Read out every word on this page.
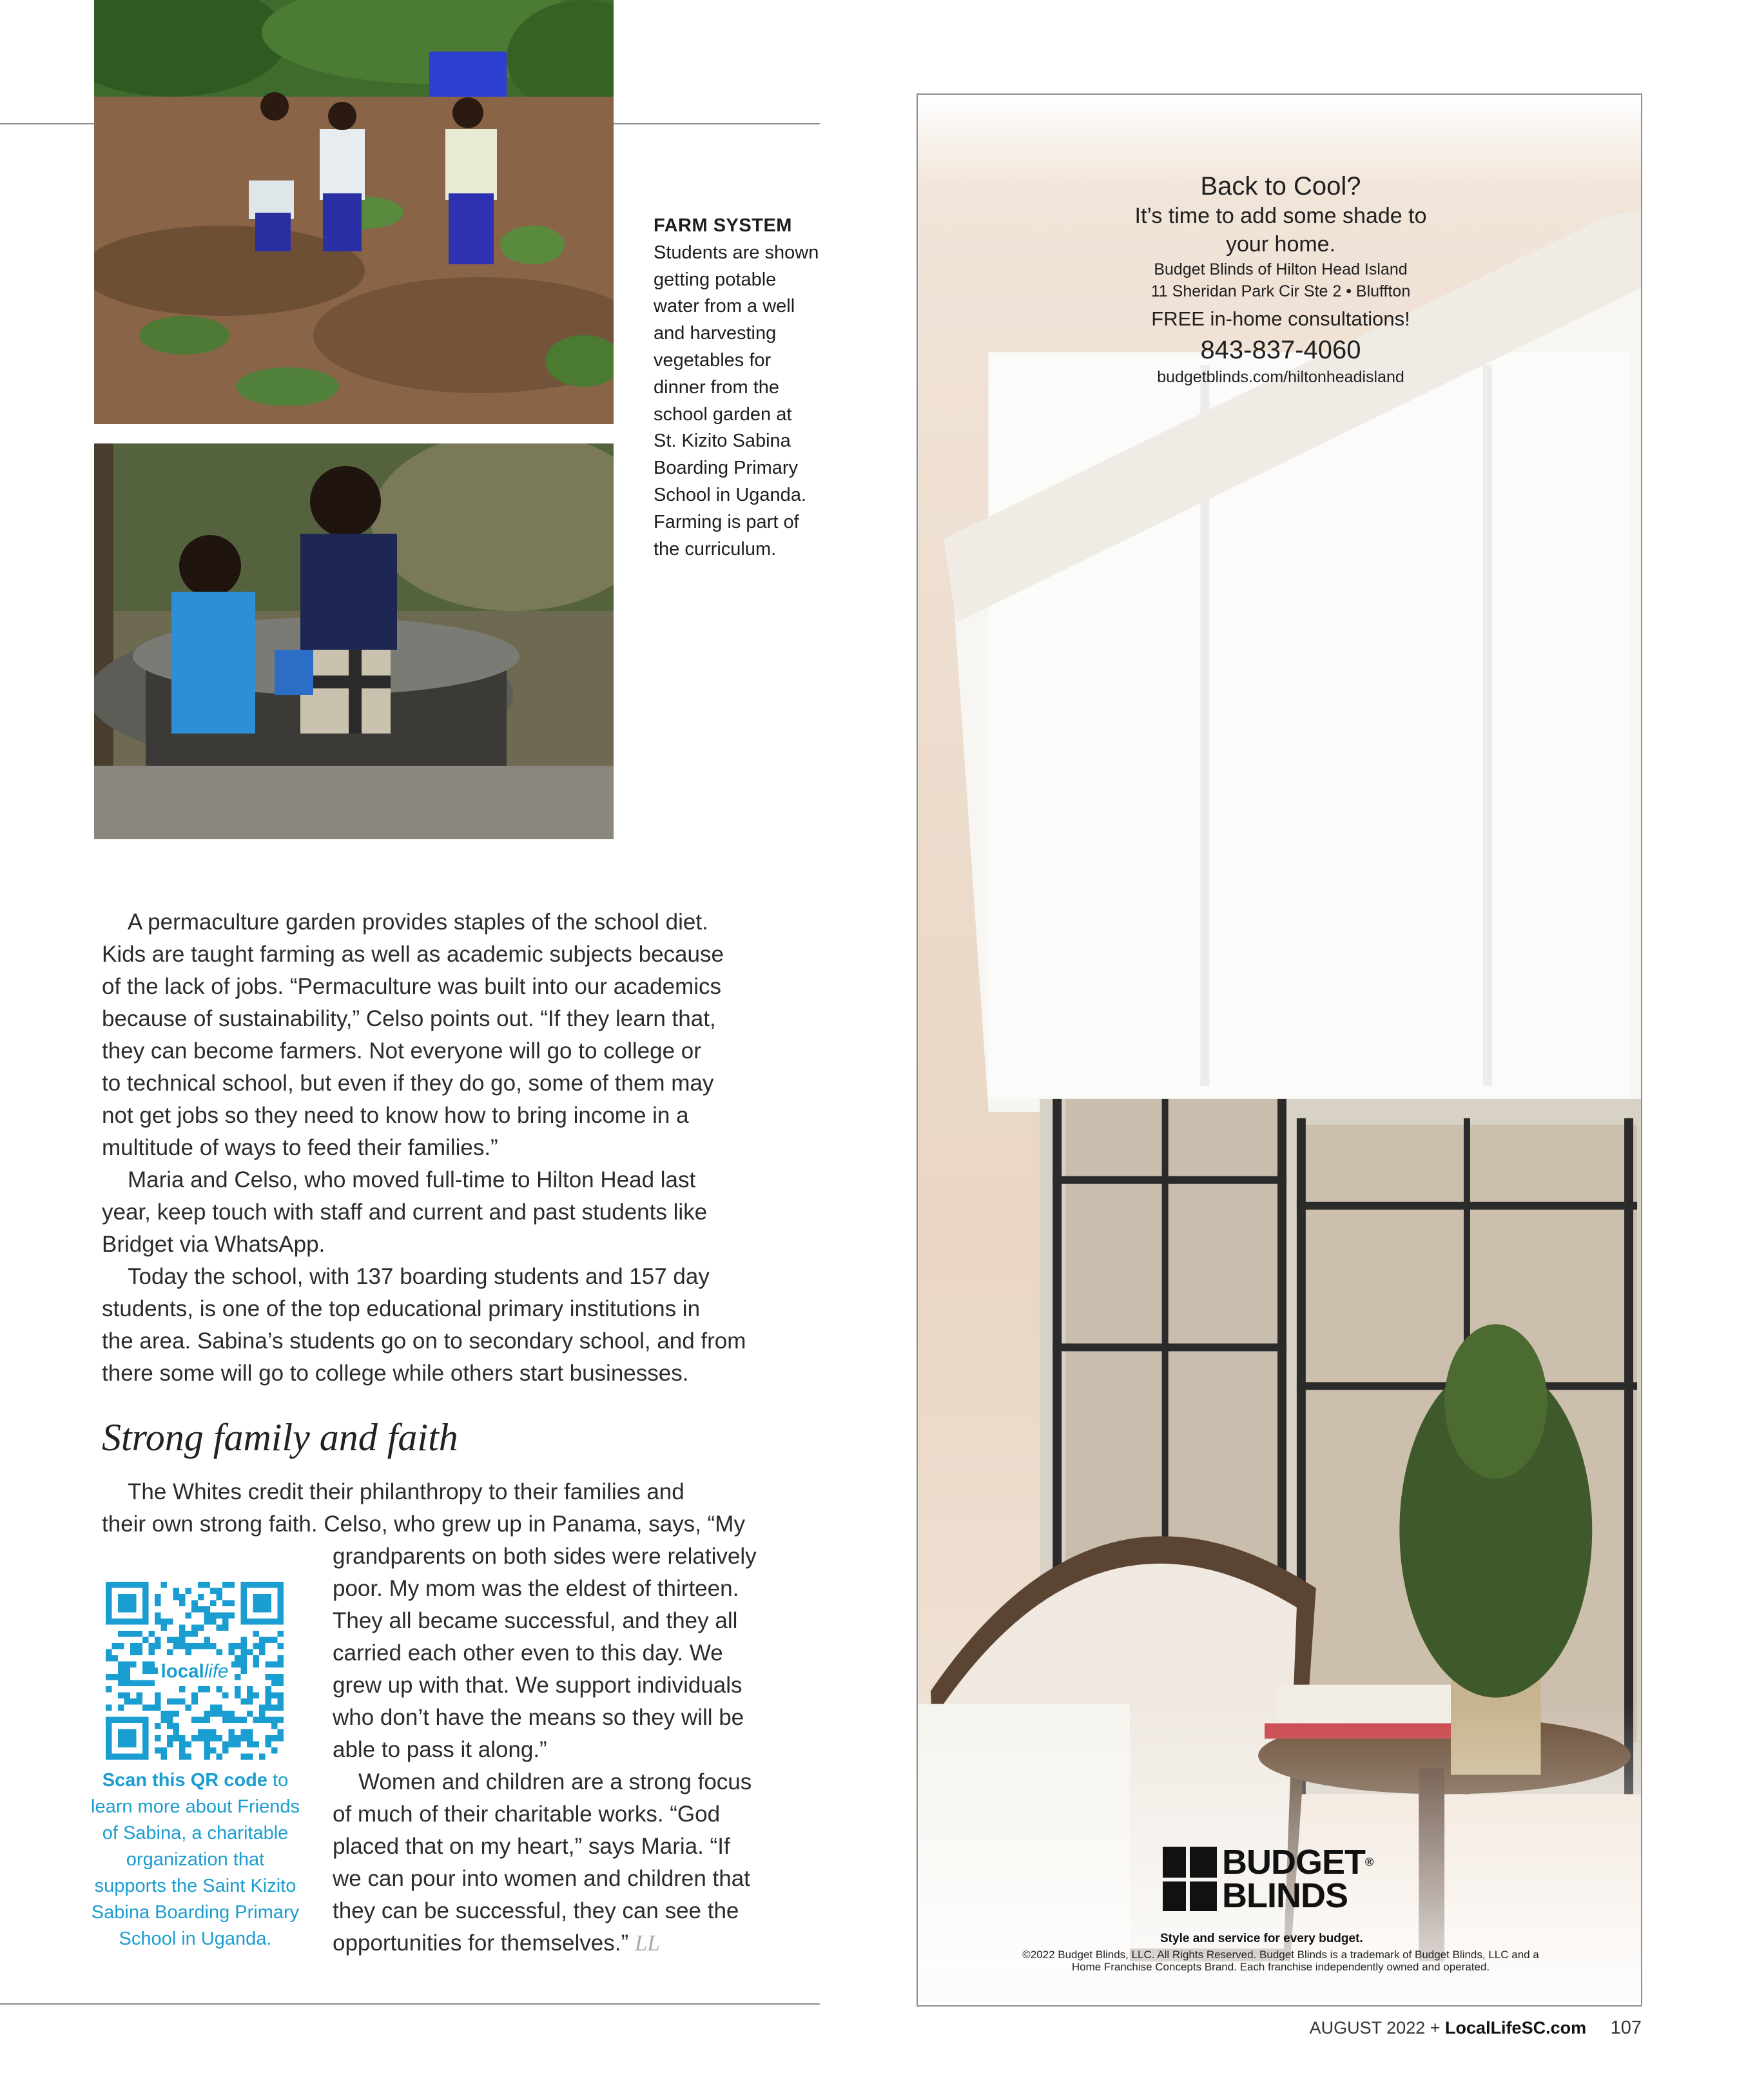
FARM SYSTEM
Students are shown
getting potable
water from a well
and harvesting
vegetables for
dinner from the
school garden at
St. Kizito Sabina
Boarding Primary
School in Uganda.
Farming is part of
the curriculum.

A permaculture garden provides staples of the school diet.
Kids are taught farming as well as academic subjects because
of the lack of jobs. “Permaculture was built into our academics
because of sustainability,” Celso points out. “If they learn that,
they can become farmers. Not everyone will go to college or
to technical school, but even if they do go, some of them may
not get jobs so they need to know how to bring income in a
multitude of ways to feed their families.”

Maria and Celso, who moved full-time to Hilton Head last
year, keep touch with staff and current and past students like
Bridget via WhatsApp.

Today the school, with 137 boarding students and 157 day
students, is one of the top educational primary institutions in
the area. Sabina’s students go on to secondary school, and from
there some will go to college while others start businesses.

Strong family and faith

The Whites credit their philanthropy to their families and
their own strong faith. Celso, who grew up in Panama, says, “My

grandparents on both sides were relatively
poor. My mom was the eldest of thirteen.
They all became successful, and they all
carried each other even to this day. We
grew up with that. We support individuals
who don’t have the means so they will be
able to pass it along.”

Women and children are a strong focus
of much of their charitable works. “God
placed that on my heart,” says Maria. “If
we can pour into women and children that
they can be successful, they can see the
opportunities for themselves.” LL

locallife
Scan this QR code to
learn more about Friends
of Sabina, a charitable
organization that
supports the Saint Kizito
Sabina Boarding Primary
School in Uganda.
Back to Cool?
It’s time to add some shade to
your home.
Budget Blinds of Hilton Head Island
11 Sheridan Park Cir Ste 2 • Bluffton
FREE in-home consultations!
843-837-4060
budgetblinds.com/hiltonheadisland
BUDGET®
BLINDS
Style and service for every budget.
©2022 Budget Blinds, LLC. All Rights Reserved. Budget Blinds is a trademark of Budget Blinds, LLC and a
Home Franchise Concepts Brand. Each franchise independently owned and operated.
AUGUST 2022 + LocalLifeSC.com 107
